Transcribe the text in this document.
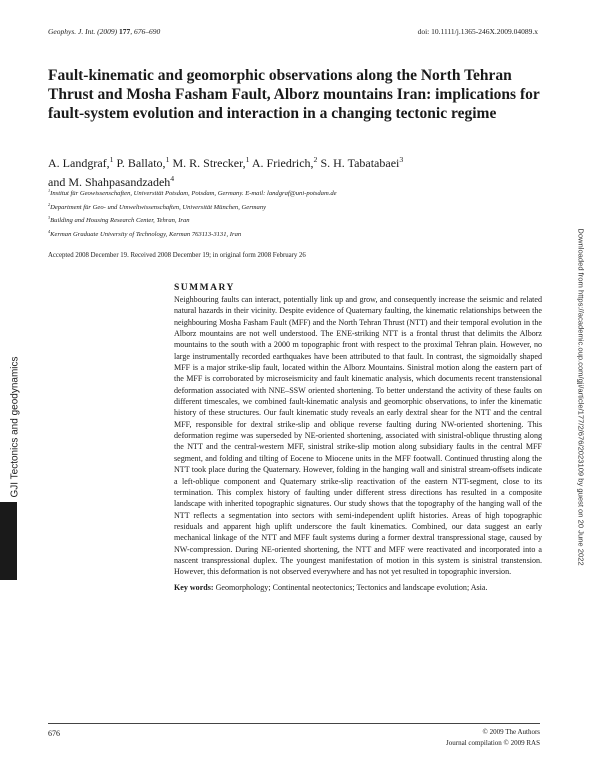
Geophys. J. Int. (2009) 177, 676–690	doi: 10.1111/j.1365-246X.2009.04089.x
Fault-kinematic and geomorphic observations along the North Tehran Thrust and Mosha Fasham Fault, Alborz mountains Iran: implications for fault-system evolution and interaction in a changing tectonic regime
A. Landgraf,$^1$ P. Ballato,$^1$ M. R. Strecker,$^1$ A. Friedrich,$^2$ S. H. Tabatabaei$^3$
and M. Shahpasandzadeh$^4$
$^1$Institut für Geowissenschaften, Universität Potsdam, Potsdam, Germany. E-mail: landgraf@uni-potsdam.de
$^2$Department für Geo- und Umweltwissenschaften, Universität München, Germany
$^3$Building and Housing Research Center, Tehran, Iran
$^4$Kerman Graduate University of Technology, Kerman 763113-3131, Iran
Accepted 2008 December 19. Received 2008 December 19; in original form 2008 February 26
SUMMARY

Neighbouring faults can interact, potentially link up and grow, and consequently increase the seismic and related natural hazards in their vicinity. Despite evidence of Quaternary faulting, the kinematic relationships between the neighbouring Mosha Fasham Fault (MFF) and the North Tehran Thrust (NTT) and their temporal evolution in the Alborz mountains are not well understood. The ENE-striking NTT is a frontal thrust that delimits the Alborz mountains to the south with a 2000 m topographic front with respect to the proximal Tehran plain. However, no large instrumentally recorded earthquakes have been attributed to that fault. In contrast, the sigmoidally shaped MFF is a major strike-slip fault, located within the Alborz Mountains. Sinistral motion along the eastern part of the MFF is corroborated by microseismicity and fault kinematic analysis, which documents recent transtensional deformation associated with NNE–SSW oriented shortening. To better understand the activity of these faults on different timescales, we combined fault-kinematic analysis and geomorphic observations, to infer the kinematic history of these structures. Our fault kinematic study reveals an early dextral shear for the NTT and the central MFF, responsible for dextral strike-slip and oblique reverse faulting during NW-oriented shortening. This deformation regime was superseded by NE-oriented shortening, associated with sinistral-oblique thrusting along the NTT and the central-western MFF, sinistral strike-slip motion along subsidiary faults in the central MFF segment, and folding and tilting of Eocene to Miocene units in the MFF footwall. Continued thrusting along the NTT took place during the Quaternary. However, folding in the hanging wall and sinistral stream-offsets indicate a left-oblique component and Quaternary strike-slip reactivation of the eastern NTT-segment, close to its termination. This complex history of faulting under different stress directions has resulted in a composite landscape with inherited topographic signatures. Our study shows that the topography of the hanging wall of the NTT reflects a segmentation into sectors with semi-independent uplift histories. Areas of high topographic residuals and apparent high uplift underscore the fault kinematics. Combined, our data suggest an early mechanical linkage of the NTT and MFF fault systems during a former dextral transpressional stage, caused by NW-compression. During NE-oriented shortening, the NTT and MFF were reactivated and incorporated into a nascent transpressional duplex. The youngest manifestation of motion in this system is sinistral transtension. However, this deformation is not observed everywhere and has not yet resulted in topographic inversion.

Key words: Geomorphology; Continental neotectonics; Tectonics and landscape evolution; Asia.
GJI Tectonics and geodynamics	Downloaded from https://academic.oup.com/gji/article/177/2/676/2023109 by guest on 20 June 2022
676	© 2009 The Authors
Journal compilation © 2009 RAS
